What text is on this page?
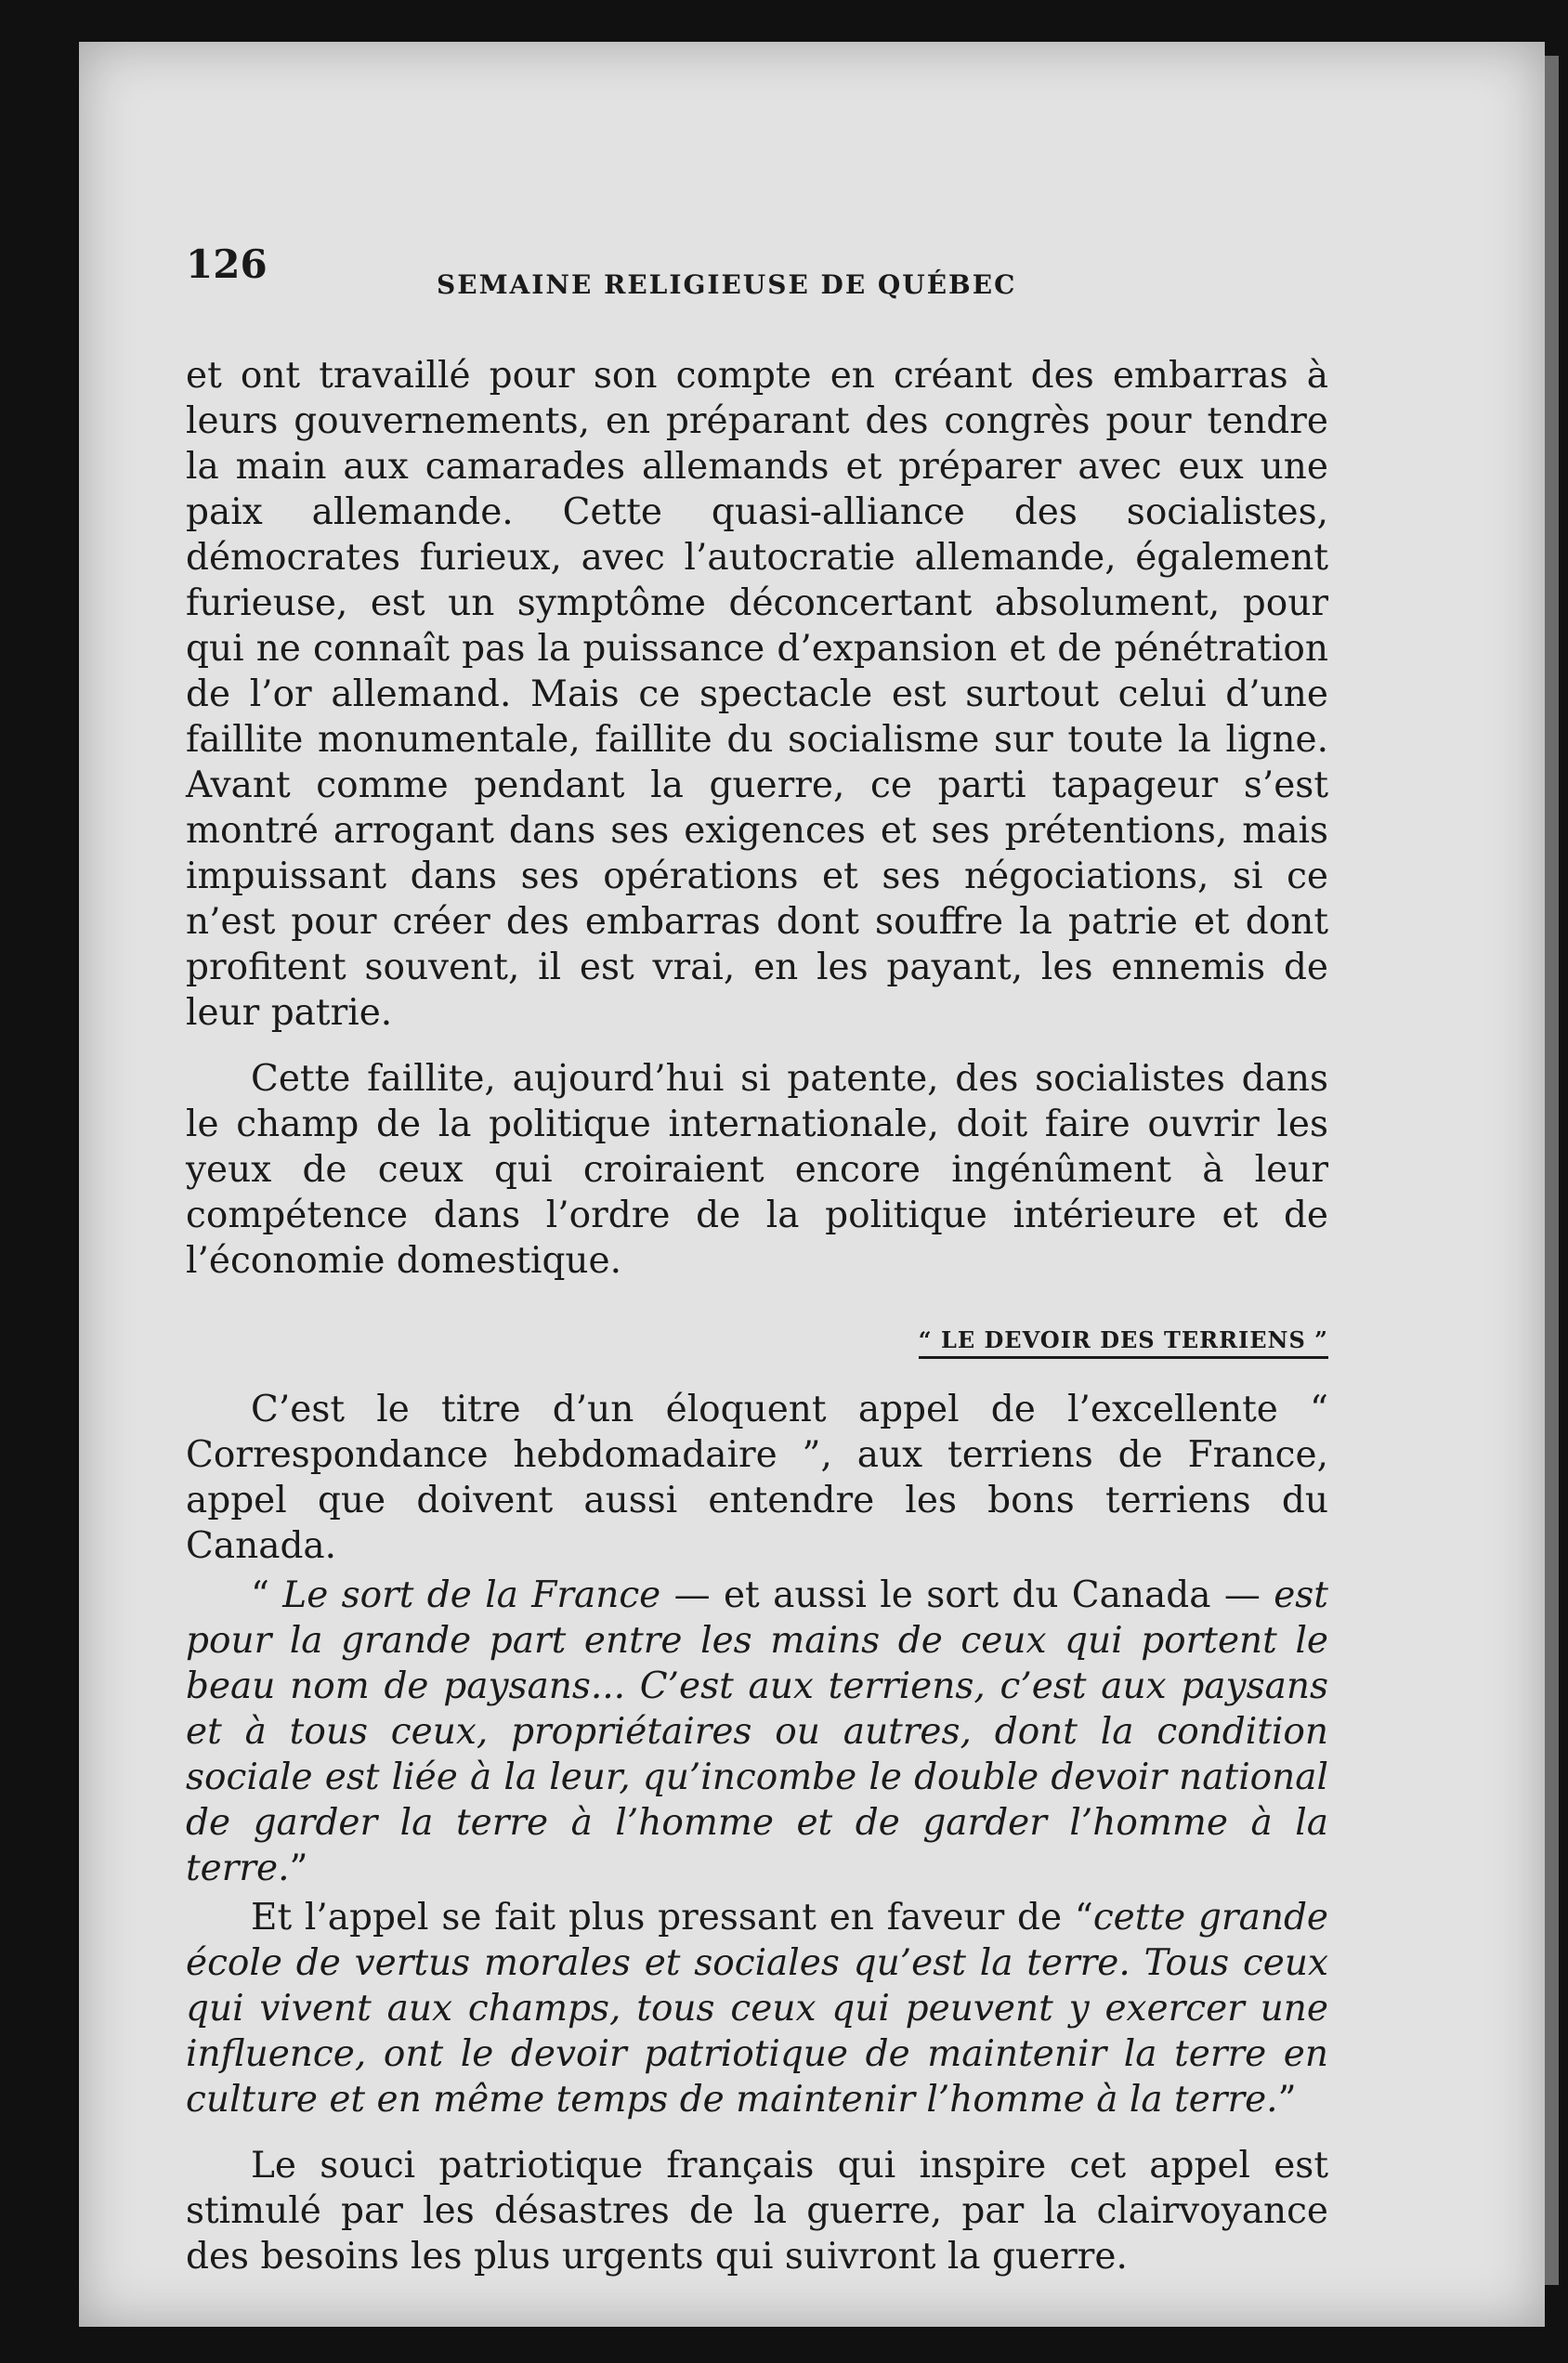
126	SEMAINE RELIGIEUSE DE QUÉBEC

et ont travaillé pour son compte en créant des embarras à leurs gouvernements, en préparant des congrès pour tendre la main aux camarades allemands et préparer avec eux une paix allemande. Cette quasi-alliance des socialistes, démocrates furieux, avec l’autocratie allemande, également furieuse, est un symptôme déconcertant absolument, pour qui ne connaît pas la puissance d’expansion et de pénétration de l’or allemand. Mais ce spectacle est surtout celui d’une faillite monumentale, faillite du socialisme sur toute la ligne. Avant comme pendant la guerre, ce parti tapageur s’est montré arrogant dans ses exigences et ses prétentions, mais impuissant dans ses opérations et ses négociations, si ce n’est pour créer des embarras dont souffre la patrie et dont profitent souvent, il est vrai, en les payant, les ennemis de leur patrie.

Cette faillite, aujourd’hui si patente, des socialistes dans le champ de la politique internationale, doit faire ouvrir les yeux de ceux qui croiraient encore ingénûment à leur compétence dans l’ordre de la politique intérieure et de l’économie domestique.

“ LE DEVOIR DES TERRIENS ”

C’est le titre d’un éloquent appel de l’excellente “ Correspondance hebdomadaire ”, aux terriens de France, appel que doivent aussi entendre les bons terriens du Canada.

“ Le sort de la France — et aussi le sort du Canada — est pour la grande part entre les mains de ceux qui portent le beau nom de paysans... C’est aux terriens, c’est aux paysans et à tous ceux, propriétaires ou autres, dont la condition sociale est liée à la leur, qu’incombe le double devoir national de garder la terre à l’homme et de garder l’homme à la terre.”

Et l’appel se fait plus pressant en faveur de “cette grande école de vertus morales et sociales qu’est la terre. Tous ceux qui vivent aux champs, tous ceux qui peuvent y exercer une influence, ont le devoir patriotique de maintenir la terre en culture et en même temps de maintenir l’homme à la terre.”

Le souci patriotique français qui inspire cet appel est stimulé par les désastres de la guerre, par la clairvoyance des besoins les plus urgents qui suivront la guerre.
